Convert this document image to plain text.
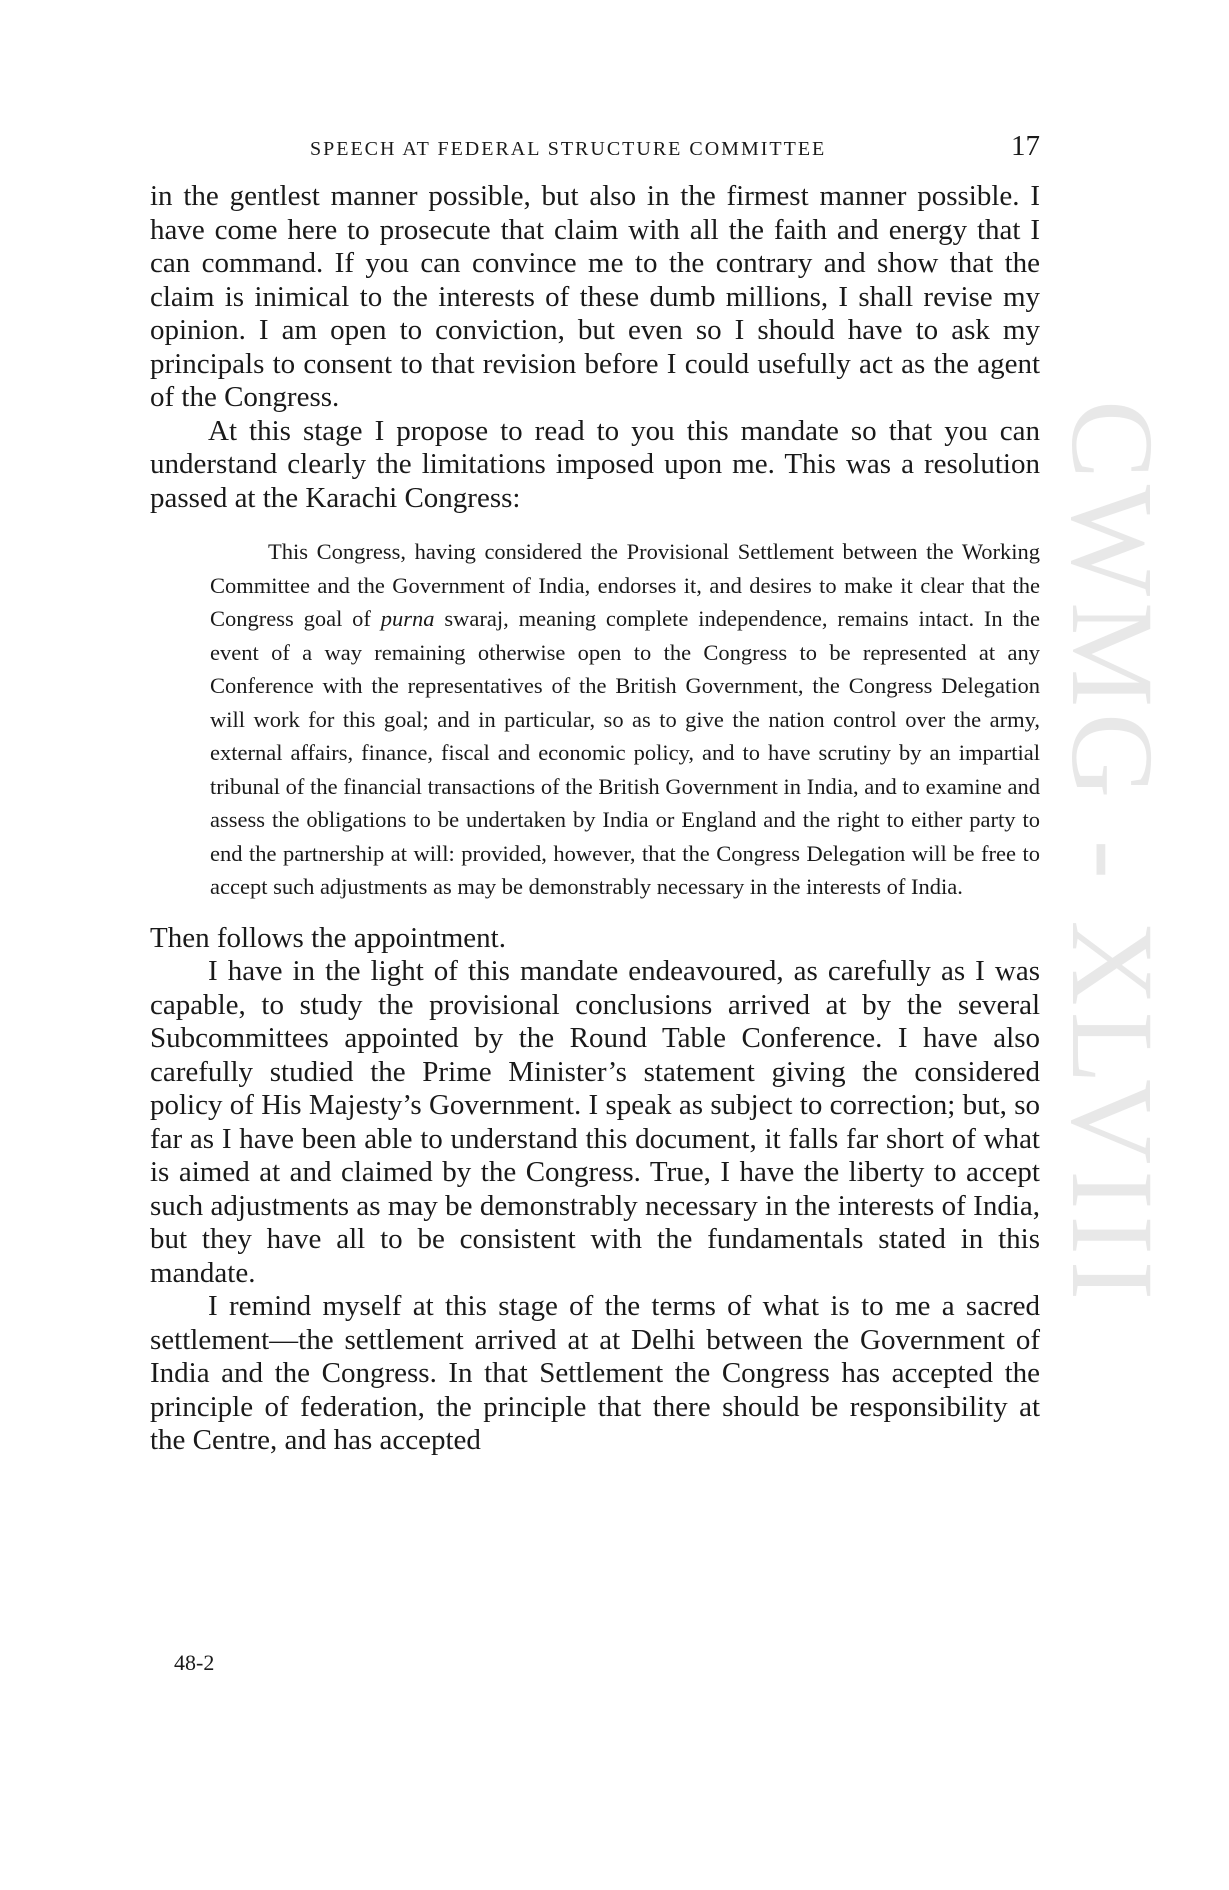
CWMG - XLVIII
SPEECH AT FEDERAL STRUCTURE COMMITTEE	17

in the gentlest manner possible, but also in the firmest manner possible. I have come here to prosecute that claim with all the faith and energy that I can command. If you can convince me to the contrary and show that the claim is inimical to the interests of these dumb millions, I shall revise my opinion. I am open to conviction, but even so I should have to ask my principals to consent to that revision before I could usefully act as the agent of the Congress.

At this stage I propose to read to you this mandate so that you can understand clearly the limitations imposed upon me. This was a resolution passed at the Karachi Congress:

This Congress, having considered the Provisional Settlement between the Working Committee and the Government of India, endorses it, and desires to make it clear that the Congress goal of purna swaraj, meaning complete independence, remains intact. In the event of a way remaining otherwise open to the Congress to be represented at any Conference with the representatives of the British Government, the Congress Delegation will work for this goal; and in particular, so as to give the nation control over the army, external affairs, finance, fiscal and economic policy, and to have scrutiny by an impartial tribunal of the financial transactions of the British Government in India, and to examine and assess the obligations to be undertaken by India or England and the right to either party to end the partnership at will: provided, however, that the Congress Delegation will be free to accept such adjustments as may be demonstrably necessary in the interests of India.

Then follows the appointment.

I have in the light of this mandate endeavoured, as carefully as I was capable, to study the provisional conclusions arrived at by the several Subcommittees appointed by the Round Table Conference. I have also carefully studied the Prime Minister’s statement giving the considered policy of His Majesty’s Government. I speak as subject to correction; but, so far as I have been able to understand this document, it falls far short of what is aimed at and claimed by the Congress. True, I have the liberty to accept such adjustments as may be demonstrably necessary in the interests of India, but they have all to be consistent with the fundamentals stated in this mandate.

I remind myself at this stage of the terms of what is to me a sacred settlement—the settlement arrived at at Delhi between the Government of India and the Congress. In that Settlement the Congress has accepted the principle of federation, the principle that there should be responsibility at the Centre, and has accepted

48-2
